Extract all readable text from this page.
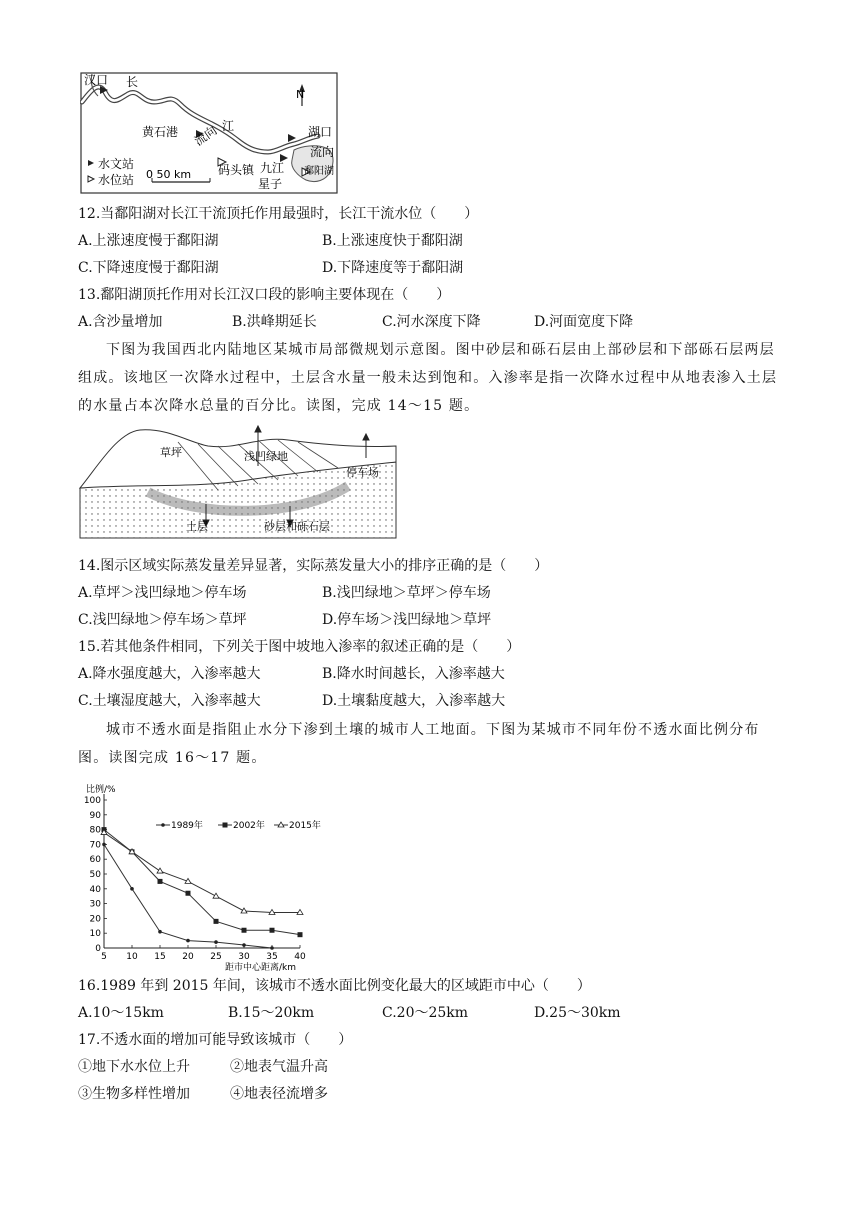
汉口 长
黄石港 流向 江
码头镇 九江
湖口
流向
星子
鄱阳湖
N
水文站
水位站 0 50 km
12.当鄱阳湖对长江干流顶托作用最强时，长江干流水位（　　）
A.上涨速度慢于鄱阳湖	B.上涨速度快于鄱阳湖
C.下降速度慢于鄱阳湖	D.下降速度等于鄱阳湖
13.鄱阳湖顶托作用对长江汉口段的影响主要体现在（　　）
A.含沙量增加	B.洪峰期延长	C.河水深度下降	D.河面宽度下降
下图为我国西北内陆地区某城市局部微规划示意图。图中砂层和砾石层由上部砂层和下部砾石层两层组成。该地区一次降水过程中，土层含水量一般未达到饱和。入渗率是指一次降水过程中从地表渗入土层的水量占本次降水总量的百分比。读图，完成 14～15 题。
草坪	浅凹绿地
停车场
土层	砂层和砾石层
14.图示区域实际蒸发量差异显著，实际蒸发量大小的排序正确的是（　　）
A.草坪＞浅凹绿地＞停车场	B.浅凹绿地＞草坪＞停车场
C.浅凹绿地＞停车场＞草坪	D.停车场＞浅凹绿地＞草坪
15.若其他条件相同，下列关于图中坡地入渗率的叙述正确的是（　　）
A.降水强度越大，入渗率越大	B.降水时间越长，入渗率越大
C.土壤湿度越大，入渗率越大	D.土壤黏度越大，入渗率越大
城市不透水面是指阻止水分下渗到土壤的城市人工地面。下图为某城市不同年份不透水面比例分布图。读图完成 16～17 题。
0
10
20
30
40
50
60
70
80
90
100
5 10 15 20 25 30 35 40
比例/%
距市中心距离/km
1989年	2002年	2015年
16.1989 年到 2015 年间，该城市不透水面比例变化最大的区域距市中心（　　）
A.10～15km	B.15～20km	C.20～25km	D.25～30km
17.不透水面的增加可能导致该城市（　　）
①地下水水位上升	②地表气温升高
③生物多样性增加	④地表径流增多
